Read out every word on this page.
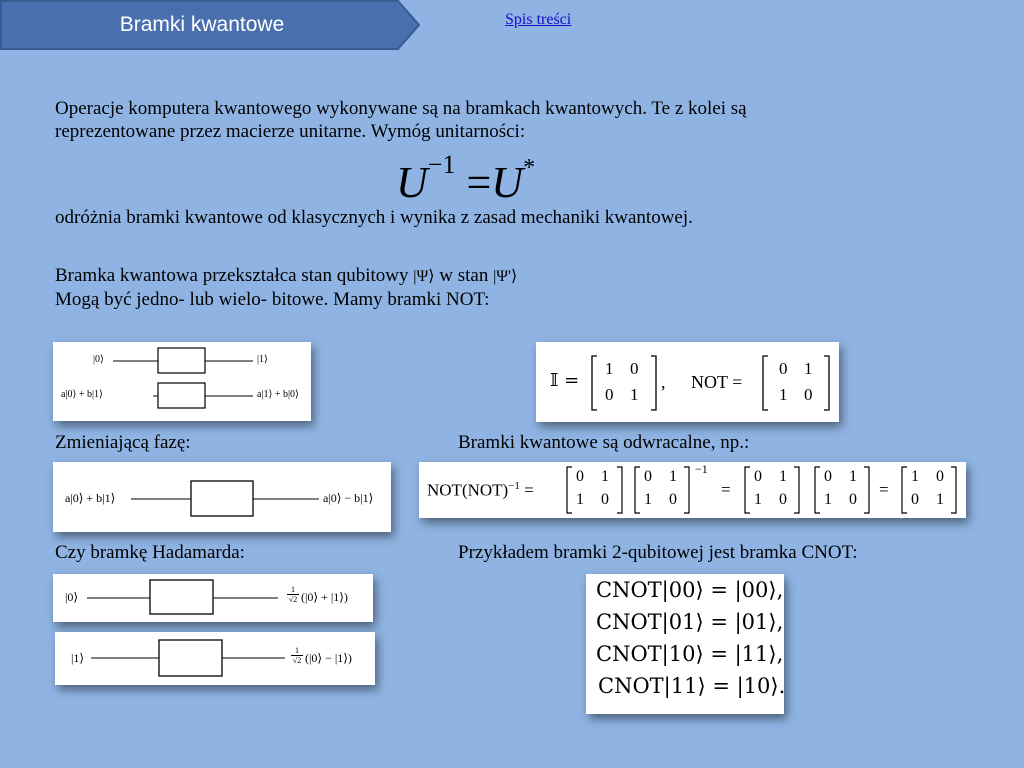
Bramki kwantowe	Spis treści
Operacje komputera kwantowego wykonywane są na bramkach kwantowych. Te z kolei są
reprezentowane przez macierze unitarne. Wymóg unitarności:
$U^{-1} =U^*$
odróżnia bramki kwantowe od klasycznych i wynika z zasad mechaniki kwantowej.
Bramka kwantowa przekształca stan qubitowy |Ψ⟩ w stan |Ψ'⟩
Mogą być jedno- lub wielo- bitowe. Mamy bramki NOT:
|0⟩	|1⟩
a|0⟩ + b|1⟩	a|1⟩ + b|0⟩
𝕀 =
1 0
0 1
, NOT =
0 1
1 0
Zmieniającą fazę:	Bramki kwantowe są odwracalne, np.:
a|0⟩ + b|1⟩	a|0⟩ − b|1⟩	NOT(NOT)$^{-1}$ =
0 1
1 0
0 1
1 0
−1
=
0 1
1 0
0 1
1 0
=
1 0
0 1
Czy bramkę Hadamarda:	Przykładem bramki 2-qubitowej jest bramka CNOT:
|0⟩	$\frac{1}{√2}$ (|0⟩ + |1⟩)
|1⟩	$\frac{1}{√2}$ (|0⟩ − |1⟩)
CNOT|00⟩ = |00⟩,
CNOT|01⟩ = |01⟩,
CNOT|10⟩ = |11⟩,
CNOT|11⟩ = |10⟩.
